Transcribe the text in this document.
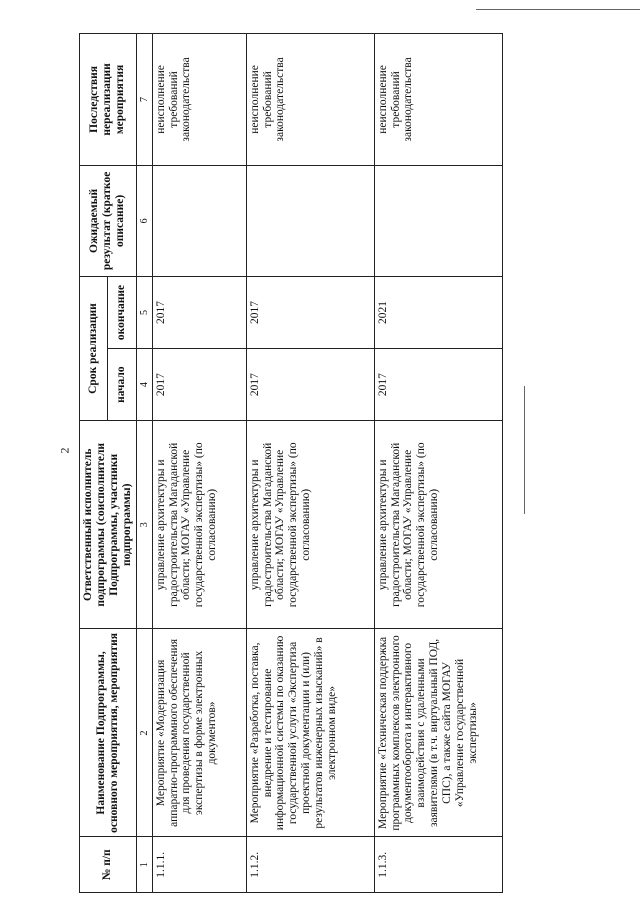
2
№ п/п	Наименование Подпрограммы, основного мероприятия, мероприятия	Ответственный исполнитель подпрограммы (соисполнители Подпрограммы, участники подпрограммы)	Срок реализации		Ожидаемый результат (краткое описание)	Последствия нереализации мероприятия
			начало	окончание		
1	2	3	4	5	6	7
1.1.1.	Мероприятие «Модернизация аппаратно-программного обеспечения для проведения государственной экспертизы в форме электронных документов»	управление архитектуры и градостроительства Магаданской области; МОГАУ «Управление государственной экспертизы» (по согласованию)	2017	2017		неисполнение требований законодательства
1.1.2.	Мероприятие «Разработка, поставка, внедрение и тестирование информационной системы по оказанию государственной услуги «Экспертиза проектной документации и (или) результатов инженерных изысканий» в электронном виде»	управление архитектуры и градостроительства Магаданской области; МОГАУ «Управление государственной экспертизы» (по согласованию)	2017	2017		неисполнение требований законодательства
1.1.3.	Мероприятие «Техническая поддержка программных комплексов электронного документооборота и интерактивного взаимодействия с удаленными заявителями (в т.ч. виртуальный ПОД, СПС), а также сайта МОГАУ «Управление государственной экспертизы»	управление архитектуры и градостроительства Магаданской области; МОГАУ «Управление государственной экспертизы» (по согласованию)	2017	2021		неисполнение требований законодательства
